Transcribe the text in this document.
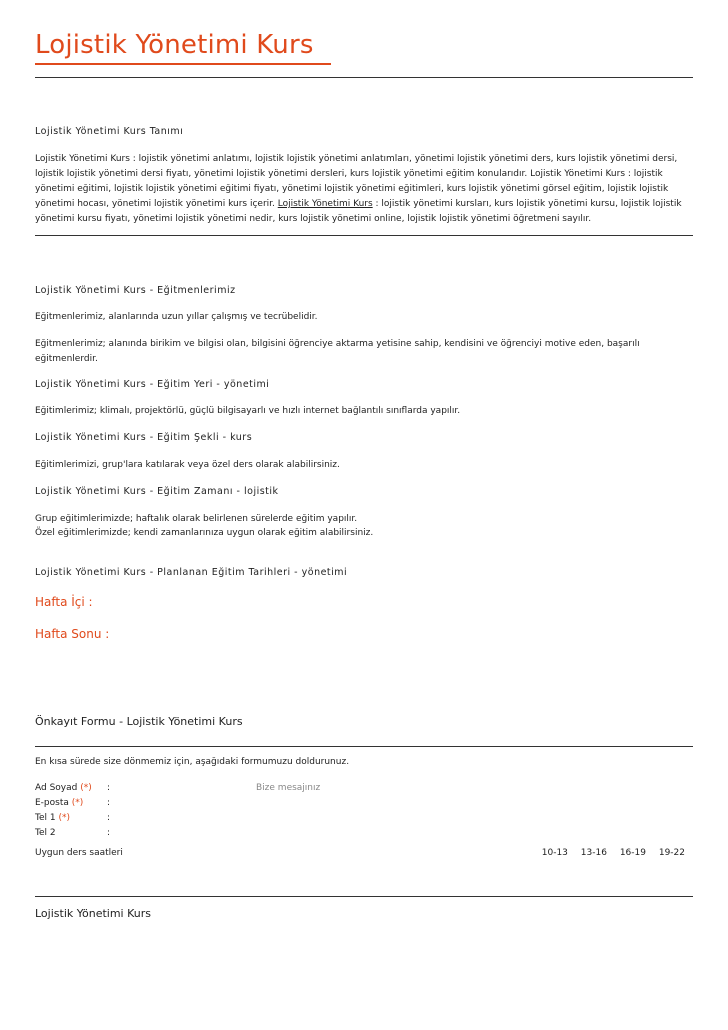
Lojistik Yönetimi Kurs
Lojistik Yönetimi Kurs Tanımı
Lojistik Yönetimi Kurs : lojistik yönetimi anlatımı, lojistik lojistik yönetimi anlatımları, yönetimi lojistik yönetimi ders, kurs lojistik yönetimi dersi, lojistik lojistik yönetimi dersi fiyatı, yönetimi lojistik yönetimi dersleri, kurs lojistik yönetimi eğitim konularıdır. Lojistik Yönetimi Kurs : lojistik yönetimi eğitimi, lojistik lojistik yönetimi eğitimi fiyatı, yönetimi lojistik yönetimi eğitimleri, kurs lojistik yönetimi görsel eğitim, lojistik lojistik yönetimi hocası, yönetimi lojistik yönetimi kurs içerir. Lojistik Yönetimi Kurs : lojistik yönetimi kursları, kurs lojistik yönetimi kursu, lojistik lojistik yönetimi kursu fiyatı, yönetimi lojistik yönetimi nedir, kurs lojistik yönetimi online, lojistik lojistik yönetimi öğretmeni sayılır.
Lojistik Yönetimi Kurs - Eğitmenlerimiz
Eğitmenlerimiz, alanlarında uzun yıllar çalışmış ve tecrübelidir.
Eğitmenlerimiz; alanında birikim ve bilgisi olan, bilgisini öğrenciye aktarma yetisine sahip, kendisini ve öğrenciyi motive eden, başarılı eğitmenlerdir.
Lojistik Yönetimi Kurs - Eğitim Yeri - yönetimi
Eğitimlerimiz; klimalı, projektörlü, güçlü bilgisayarlı ve hızlı internet bağlantılı sınıflarda yapılır.
Lojistik Yönetimi Kurs - Eğitim Şekli - kurs
Eğitimlerimizi, grup'lara katılarak veya özel ders olarak alabilirsiniz.
Lojistik Yönetimi Kurs - Eğitim Zamanı - lojistik
Grup eğitimlerimizde; haftalık olarak belirlenen sürelerde eğitim yapılır.
Özel eğitimlerimizde; kendi zamanlarınıza uygun olarak eğitim alabilirsiniz.
Lojistik Yönetimi Kurs - Planlanan Eğitim Tarihleri - yönetimi
Hafta İçi :
Hafta Sonu :
Önkayıt Formu - Lojistik Yönetimi Kurs
En kısa sürede size dönmemiz için, aşağıdaki formumuzu doldurunuz.
Ad Soyad (*) :
E-posta (*)	:
Tel 1 (*)	:
Tel 2	:
Bize mesajınız
Uygun ders saatleri	10-13 13-16 16-19 19-22
Lojistik Yönetimi Kurs
